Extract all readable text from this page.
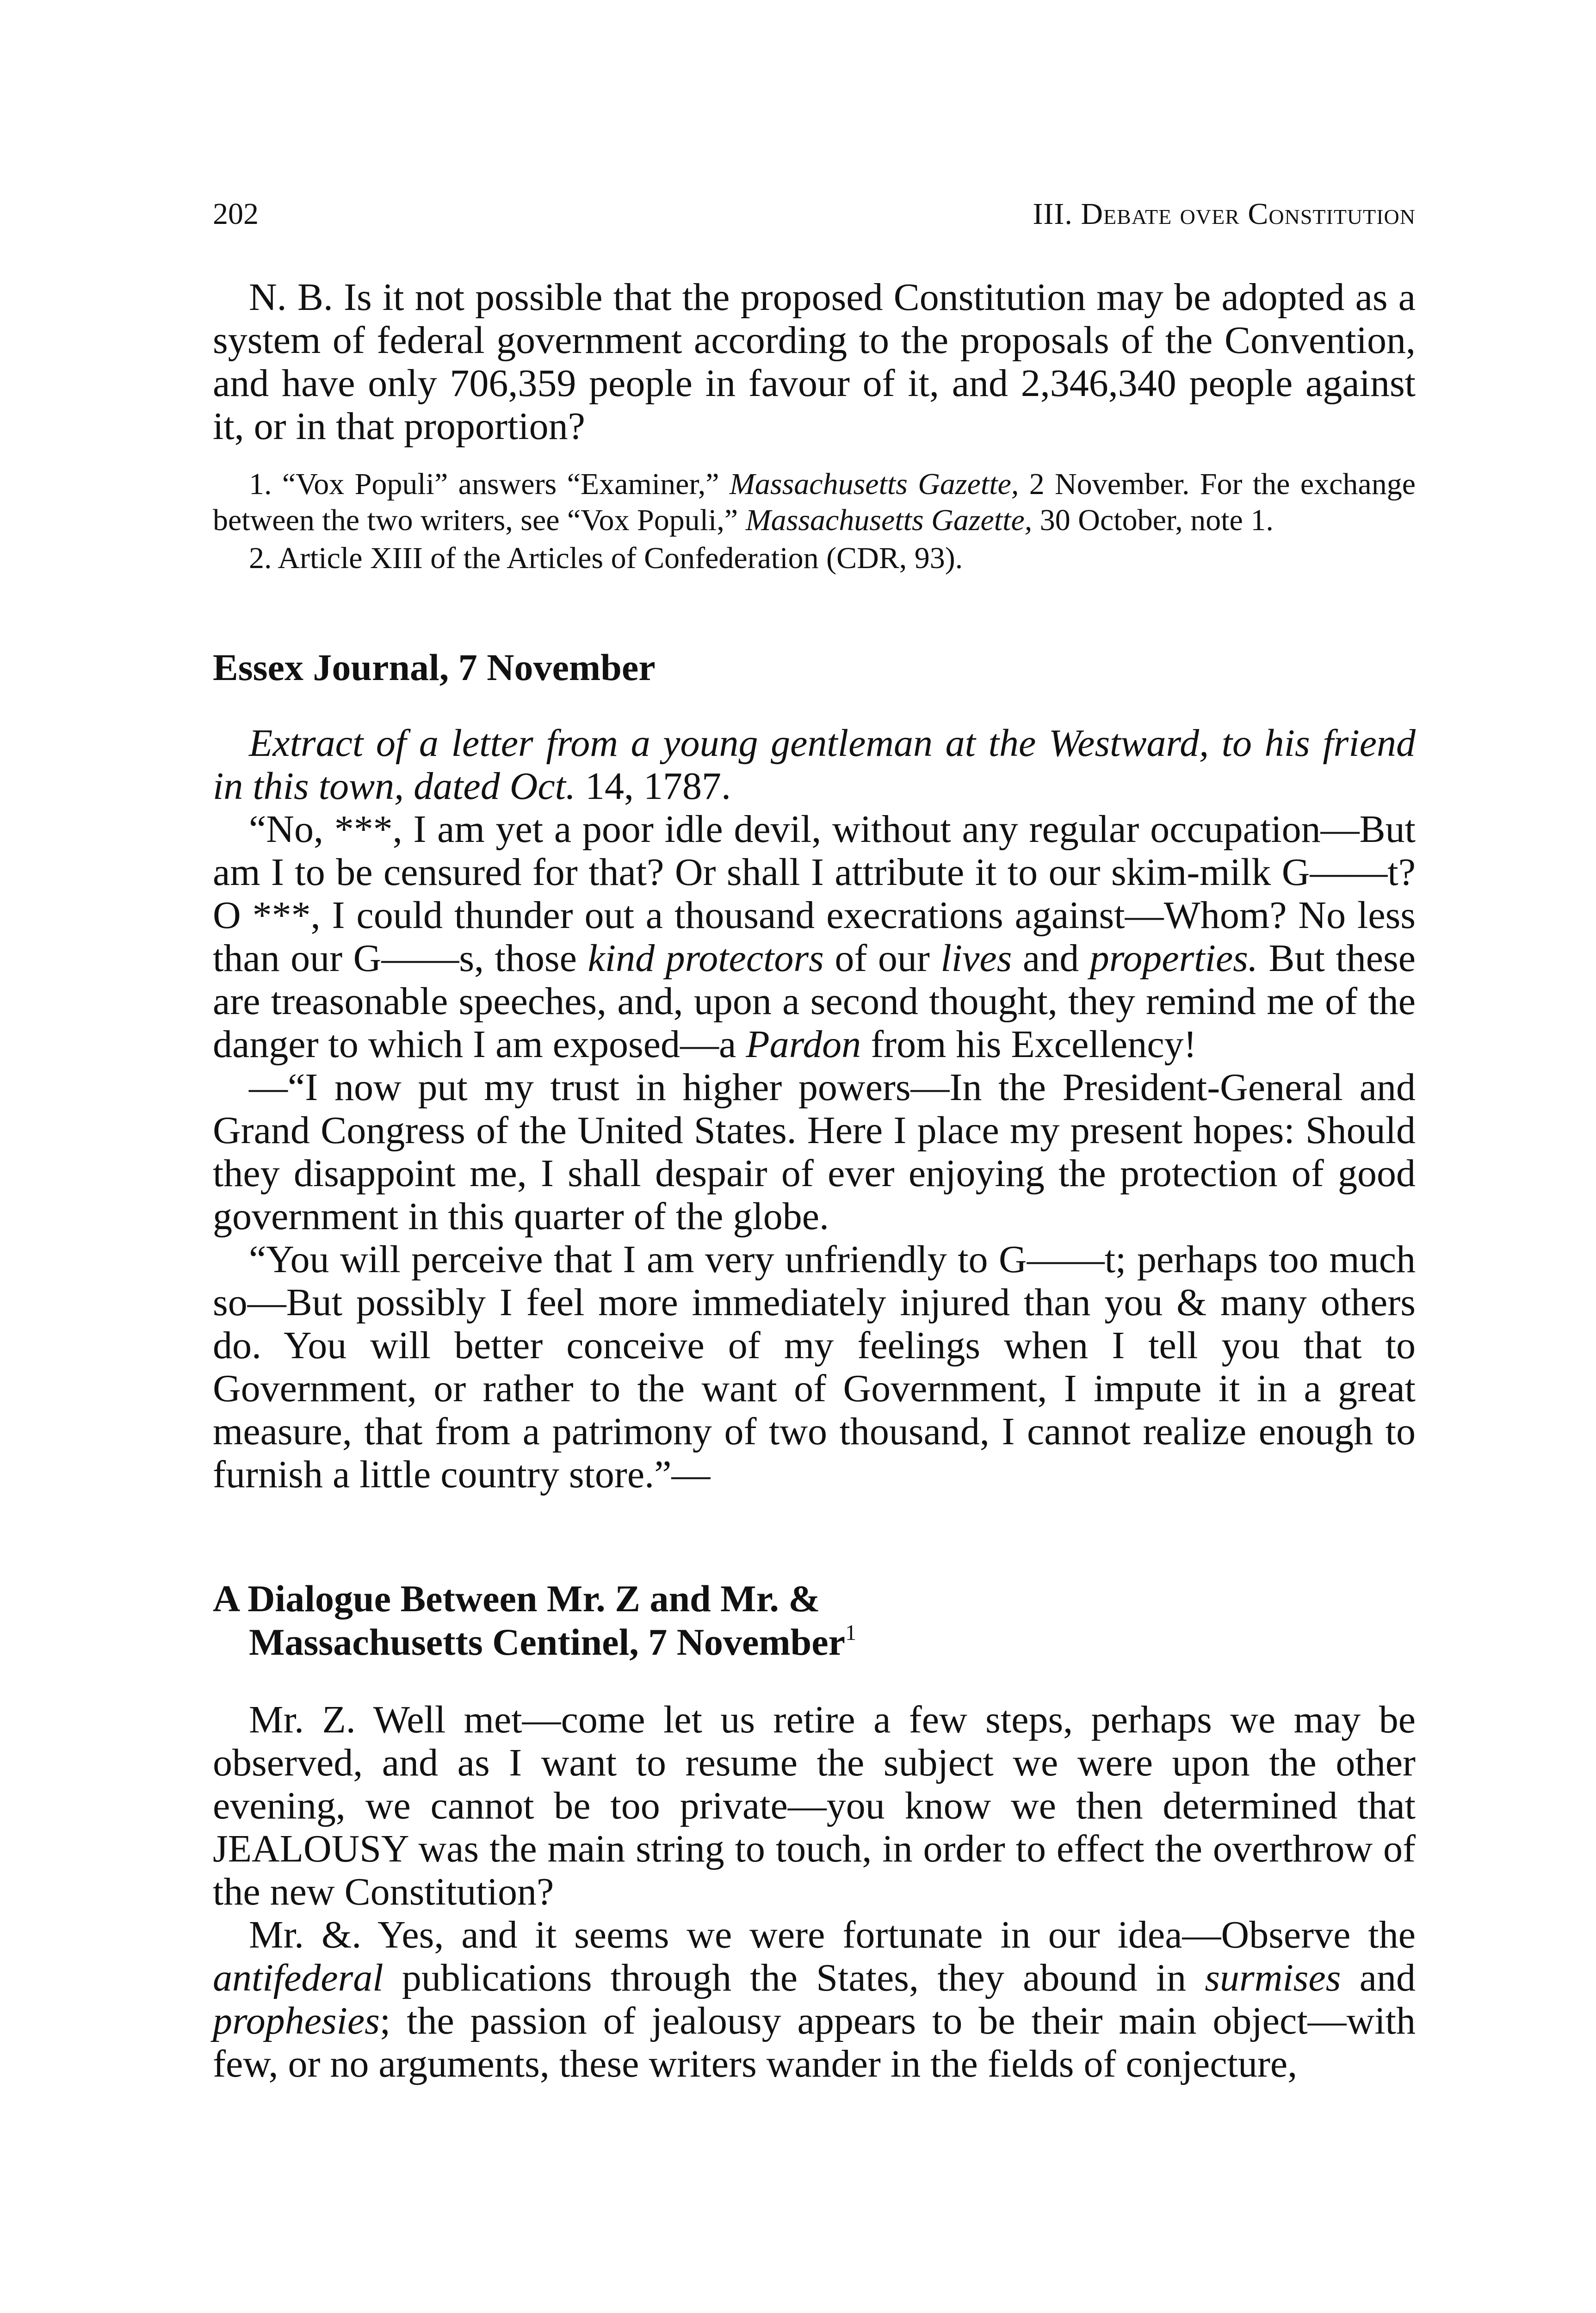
202	III. Debate over Constitution

N. B. Is it not possible that the proposed Constitution may be adopted as a system of federal government according to the proposals of the Convention, and have only 706,359 people in favour of it, and 2,346,340 people against it, or in that proportion?

1. “Vox Populi” answers “Examiner,” Massachusetts Gazette, 2 November. For the exchange between the two writers, see “Vox Populi,” Massachusetts Gazette, 30 October, note 1.

2. Article XIII of the Articles of Confederation (CDR, 93).

Essex Journal, 7 November

Extract of a letter from a young gentleman at the Westward, to his friend in this town, dated Oct. 14, 1787.

“No, ***, I am yet a poor idle devil, without any regular occupation—But am I to be censured for that? Or shall I attribute it to our skim-milk G——t? O ***, I could thunder out a thousand execrations against—Whom? No less than our G——s, those kind protectors of our lives and properties. But these are treasonable speeches, and, upon a second thought, they remind me of the danger to which I am exposed—a Pardon from his Excellency!

—“I now put my trust in higher powers—In the President-General and Grand Congress of the United States. Here I place my present hopes: Should they disappoint me, I shall despair of ever enjoying the protection of good government in this quarter of the globe.

“You will perceive that I am very unfriendly to G——t; perhaps too much so—But possibly I feel more immediately injured than you & many others do. You will better conceive of my feelings when I tell you that to Government, or rather to the want of Government, I impute it in a great measure, that from a patrimony of two thousand, I cannot realize enough to furnish a little country store.”—

A Dialogue Between Mr. Z and Mr. &
Massachusetts Centinel, 7 November$^1$

Mr. Z. Well met—come let us retire a few steps, perhaps we may be observed, and as I want to resume the subject we were upon the other evening, we cannot be too private—you know we then determined that JEALOUSY was the main string to touch, in order to effect the overthrow of the new Constitution?

Mr. &. Yes, and it seems we were fortunate in our idea—Observe the antifederal publications through the States, they abound in surmises and prophesies; the passion of jealousy appears to be their main object—with few, or no arguments, these writers wander in the fields of conjecture,
